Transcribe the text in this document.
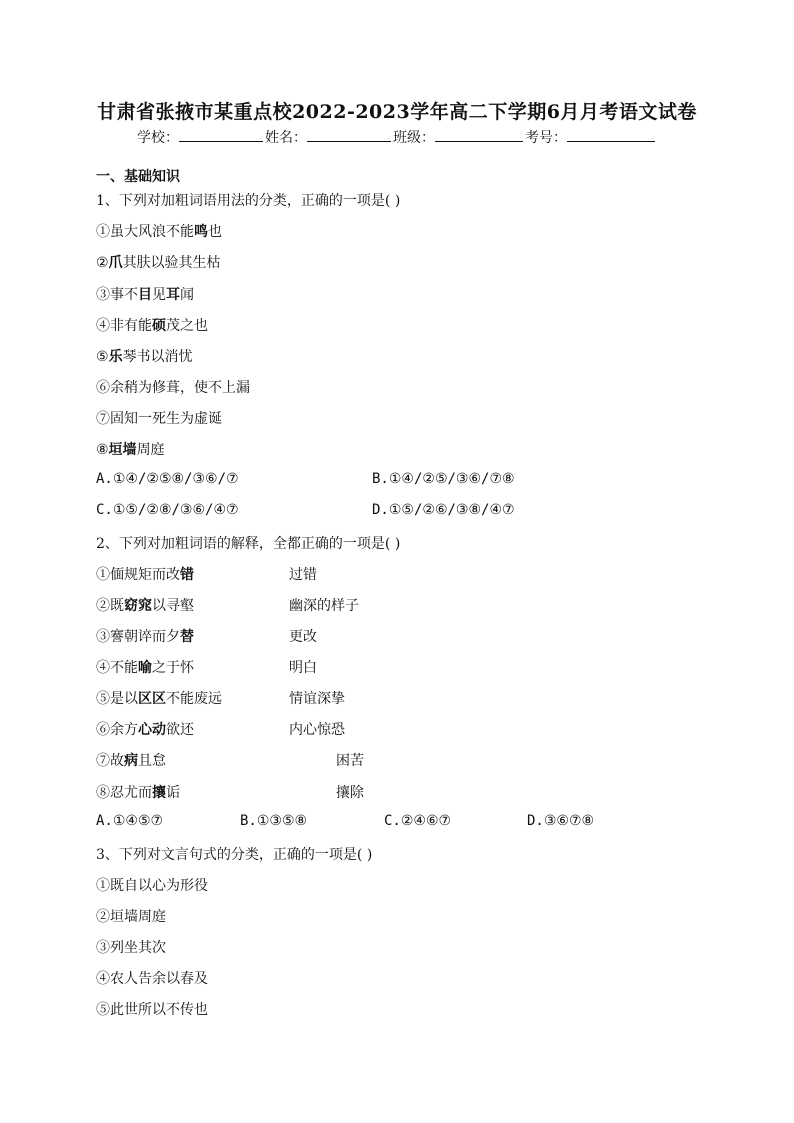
甘肃省张掖市某重点校2022-2023学年高二下学期6月月考语文试卷
学校：	姓名：	班级：	考号：
一、基础知识
1、下列对加粗词语用法的分类，正确的一项是( )
①虽大风浪不能鸣也
②爪其肤以验其生枯
③事不目见耳闻
④非有能硕茂之也
⑤乐琴书以消忧
⑥余稍为修葺，使不上漏
⑦固知一死生为虚诞
⑧垣墙周庭
A.①④/②⑤⑧/③⑥/⑦	B.①④/②⑤/③⑥/⑦⑧
C.①⑤/②⑧/③⑥/④⑦	D.①⑤/②⑥/③⑧/④⑦
2、下列对加粗词语的解释，全都正确的一项是( )
①偭规矩而改错	过错
②既窈窕以寻壑	幽深的样子
③謇朝谇而夕替	更改
④不能喻之于怀	明白
⑤是以区区不能废远	情谊深挚
⑥余方心动欲还	内心惊恐
⑦故病且怠	困苦
⑧忍尤而攘诟	攘除
A.①④⑤⑦	B.①③⑤⑧	C.②④⑥⑦	D.③⑥⑦⑧
3、下列对文言句式的分类，正确的一项是( )
①既自以心为形役
②垣墙周庭
③列坐其次
④农人告余以春及
⑤此世所以不传也
